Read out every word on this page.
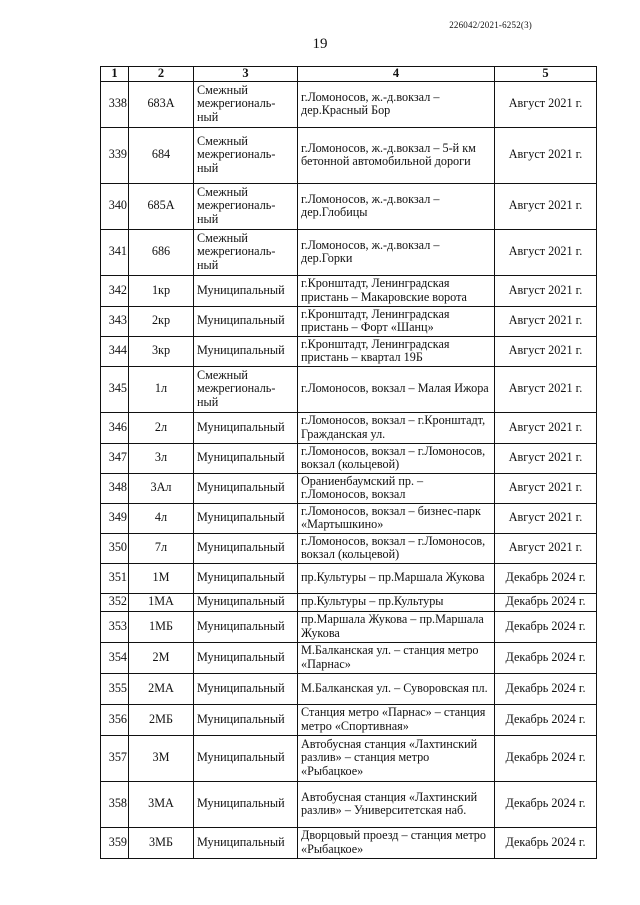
226042/2021-6252(3)
19
1	2	3	4	5
338	683А	Смежный межрегиональ-ный	г.Ломоносов, ж.-д.вокзал – дер.Красный Бор	Август 2021 г.
339	684	Смежный межрегиональ-ный	г.Ломоносов, ж.-д.вокзал – 5-й км бетонной автомобильной дороги	Август 2021 г.
340	685А	Смежный межрегиональ-ный	г.Ломоносов, ж.-д.вокзал – дер.Глобицы	Август 2021 г.
341	686	Смежный межрегиональ-ный	г.Ломоносов, ж.-д.вокзал – дер.Горки	Август 2021 г.
342	1кр	Муниципальный	г.Кронштадт, Ленинградская пристань – Макаровские ворота	Август 2021 г.
343	2кр	Муниципальный	г.Кронштадт, Ленинградская пристань – Форт «Шанц»	Август 2021 г.
344	3кр	Муниципальный	г.Кронштадт, Ленинградская пристань – квартал 19Б	Август 2021 г.
345	1л	Смежный межрегиональ-ный	г.Ломоносов, вокзал – Малая Ижора	Август 2021 г.
346	2л	Муниципальный	г.Ломоносов, вокзал – г.Кронштадт, Гражданская ул.	Август 2021 г.
347	3л	Муниципальный	г.Ломоносов, вокзал – г.Ломоносов, вокзал (кольцевой)	Август 2021 г.
348	3Ал	Муниципальный	Ораниенбаумский пр. – г.Ломоносов, вокзал	Август 2021 г.
349	4л	Муниципальный	г.Ломоносов, вокзал – бизнес-парк «Мартышкино»	Август 2021 г.
350	7л	Муниципальный	г.Ломоносов, вокзал – г.Ломоносов, вокзал (кольцевой)	Август 2021 г.
351	1М	Муниципальный	пр.Культуры – пр.Маршала Жукова	Декабрь 2024 г.
352	1МА	Муниципальный	пр.Культуры – пр.Культуры	Декабрь 2024 г.
353	1МБ	Муниципальный	пр.Маршала Жукова – пр.Маршала Жукова	Декабрь 2024 г.
354	2М	Муниципальный	М.Балканская ул. – станция метро «Парнас»	Декабрь 2024 г.
355	2МА	Муниципальный	М.Балканская ул. – Суворовская пл.	Декабрь 2024 г.
356	2МБ	Муниципальный	Станция метро «Парнас» – станция метро «Спортивная»	Декабрь 2024 г.
357	3М	Муниципальный	Автобусная станция «Лахтинский разлив» – станция метро «Рыбацкое»	Декабрь 2024 г.
358	3МА	Муниципальный	Автобусная станция «Лахтинский разлив» – Университетская наб.	Декабрь 2024 г.
359	3МБ	Муниципальный	Дворцовый проезд – станция метро «Рыбацкое»	Декабрь 2024 г.
